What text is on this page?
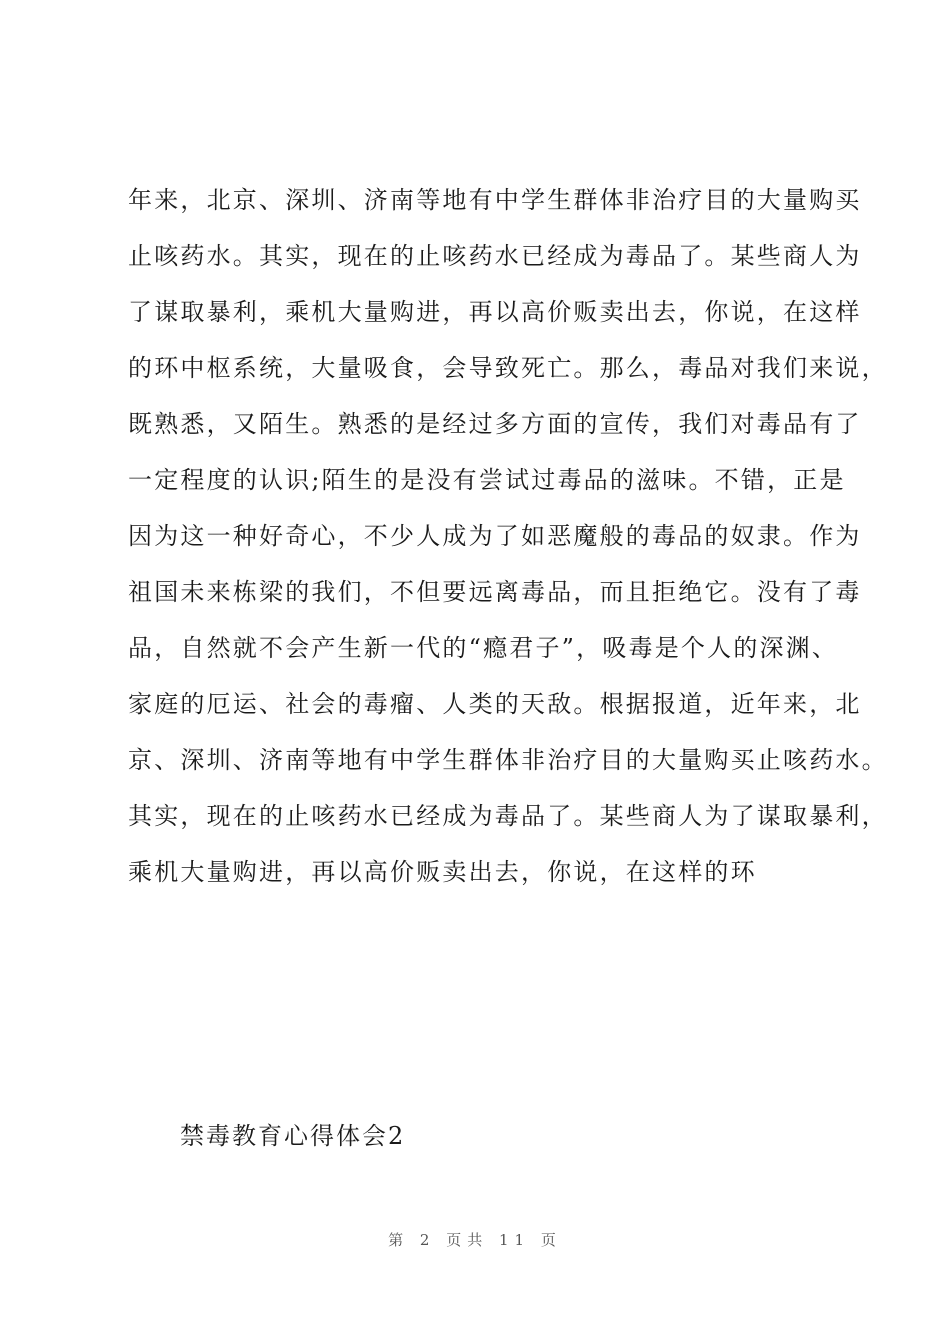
年来，北京、深圳、济南等地有中学生群体非治疗目的大量购买
止咳药水。其实，现在的止咳药水已经成为毒品了。某些商人为
了谋取暴利，乘机大量购进，再以高价贩卖出去，你说，在这样
的环中枢系统，大量吸食，会导致死亡。那么，毒品对我们来说，
既熟悉，又陌生。熟悉的是经过多方面的宣传，我们对毒品有了
一定程度的认识;陌生的是没有尝试过毒品的滋味。不错，正是
因为这一种好奇心，不少人成为了如恶魔般的毒品的奴隶。作为
祖国未来栋梁的我们，不但要远离毒品，而且拒绝它。没有了毒
品，自然就不会产生新一代的“瘾君子”，吸毒是个人的深渊、
家庭的厄运、社会的毒瘤、人类的天敌。根据报道，近年来，北
京、深圳、济南等地有中学生群体非治疗目的大量购买止咳药水。
其实，现在的止咳药水已经成为毒品了。某些商人为了谋取暴利，
乘机大量购进，再以高价贩卖出去，你说，在这样的环
禁毒教育心得体会2
第 2 页共 11 页
